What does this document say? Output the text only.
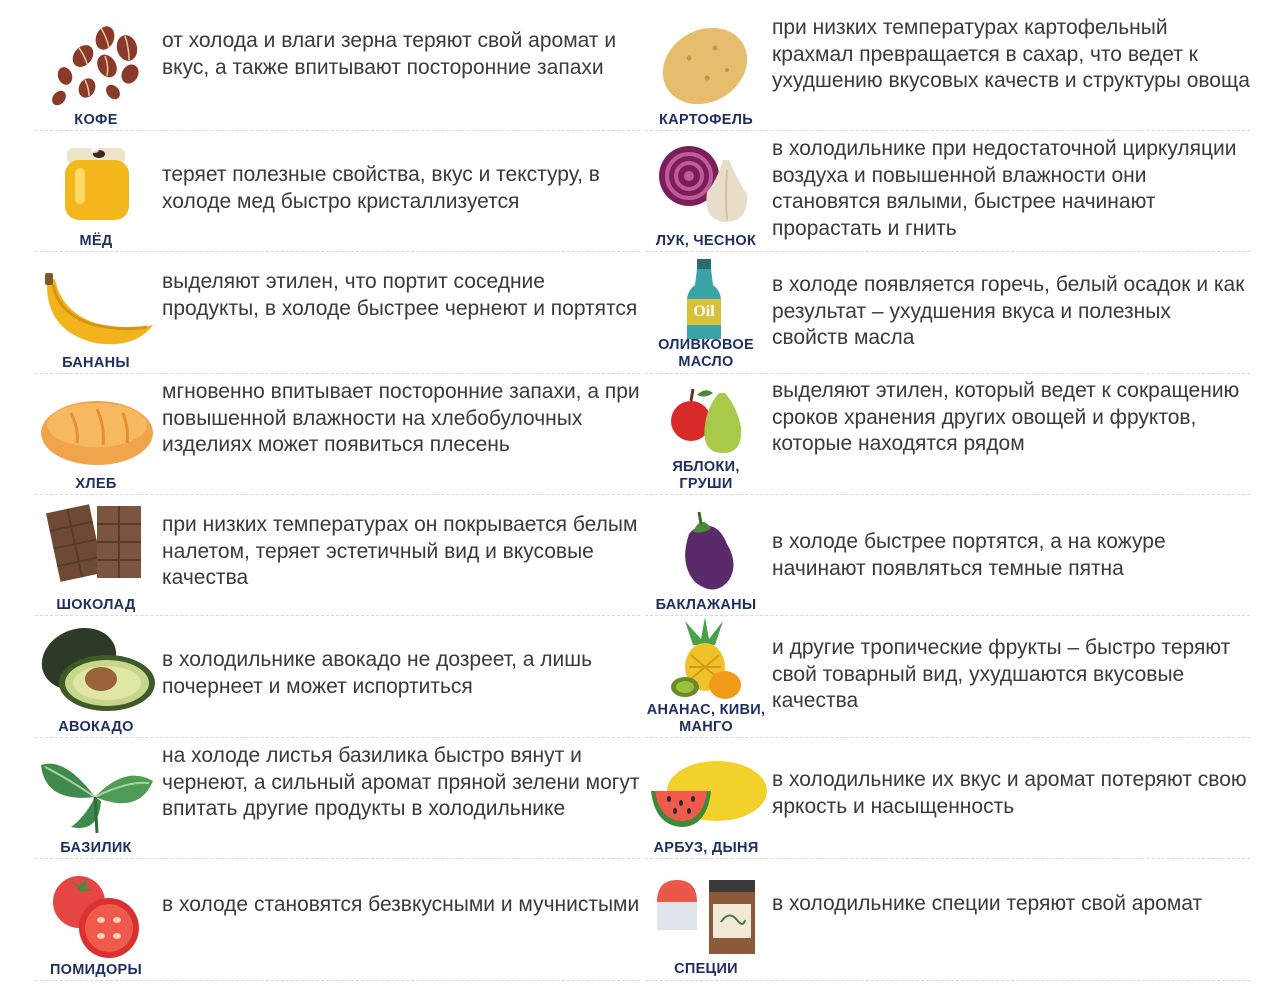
КОФЕ
от холода и влаги зерна теряют свой аромат и вкус, а также впитывают посторонние запахи
МЁД
теряет полезные свойства, вкус и текстуру, в холоде мед быстро кристаллизуется
БАНАНЫ
выделяют этилен, что портит соседние продукты, в холоде быстрее чернеют и портятся
ХЛЕБ
мгновенно впитывает посторонние запахи, а при повышенной влажности на хлебобулочных изделиях может появиться плесень
ШОКОЛАД
при низких температурах он покрывается белым налетом, теряет эстетичный вид и вкусовые качества
АВОКАДО
в холодильнике авокадо не дозреет, а лишь почернеет и может испортиться
БАЗИЛИК
на холоде листья базилика быстро вянут и чернеют, а сильный аромат пряной зелени могут впитать другие продукты в холодильнике
ПОМИДОРЫ
в холоде становятся безвкусными и мучнистыми
КАРТОФЕЛЬ
при низких температурах картофельный крахмал превращается в сахар, что ведет к ухудшению вкусовых качеств и структуры овоща
ЛУК, ЧЕСНОК
в холодильнике при недостаточной циркуляции воздуха и повышенной влажности они становятся вялыми, быстрее начинают прорастать и гнить
Oil
ОЛИВКОВОЕ МАСЛО
в холоде появляется горечь, белый осадок и как результат – ухудшения вкуса и полезных свойств масла
ЯБЛОКИ, ГРУШИ
выделяют этилен, который ведет к сокращению сроков хранения других овощей и фруктов, которые находятся рядом
БАКЛАЖАНЫ
в холоде быстрее портятся, а на кожуре начинают появляться темные пятна
АНАНАС, КИВИ, МАНГО
и другие тропические фрукты – быстро теряют свой товарный вид, ухудшаются вкусовые качества
АРБУЗ, ДЫНЯ
в холодильнике их вкус и аромат потеряют свою яркость и насыщенность
СПЕЦИИ
в холодильнике специи теряют свой аромат
